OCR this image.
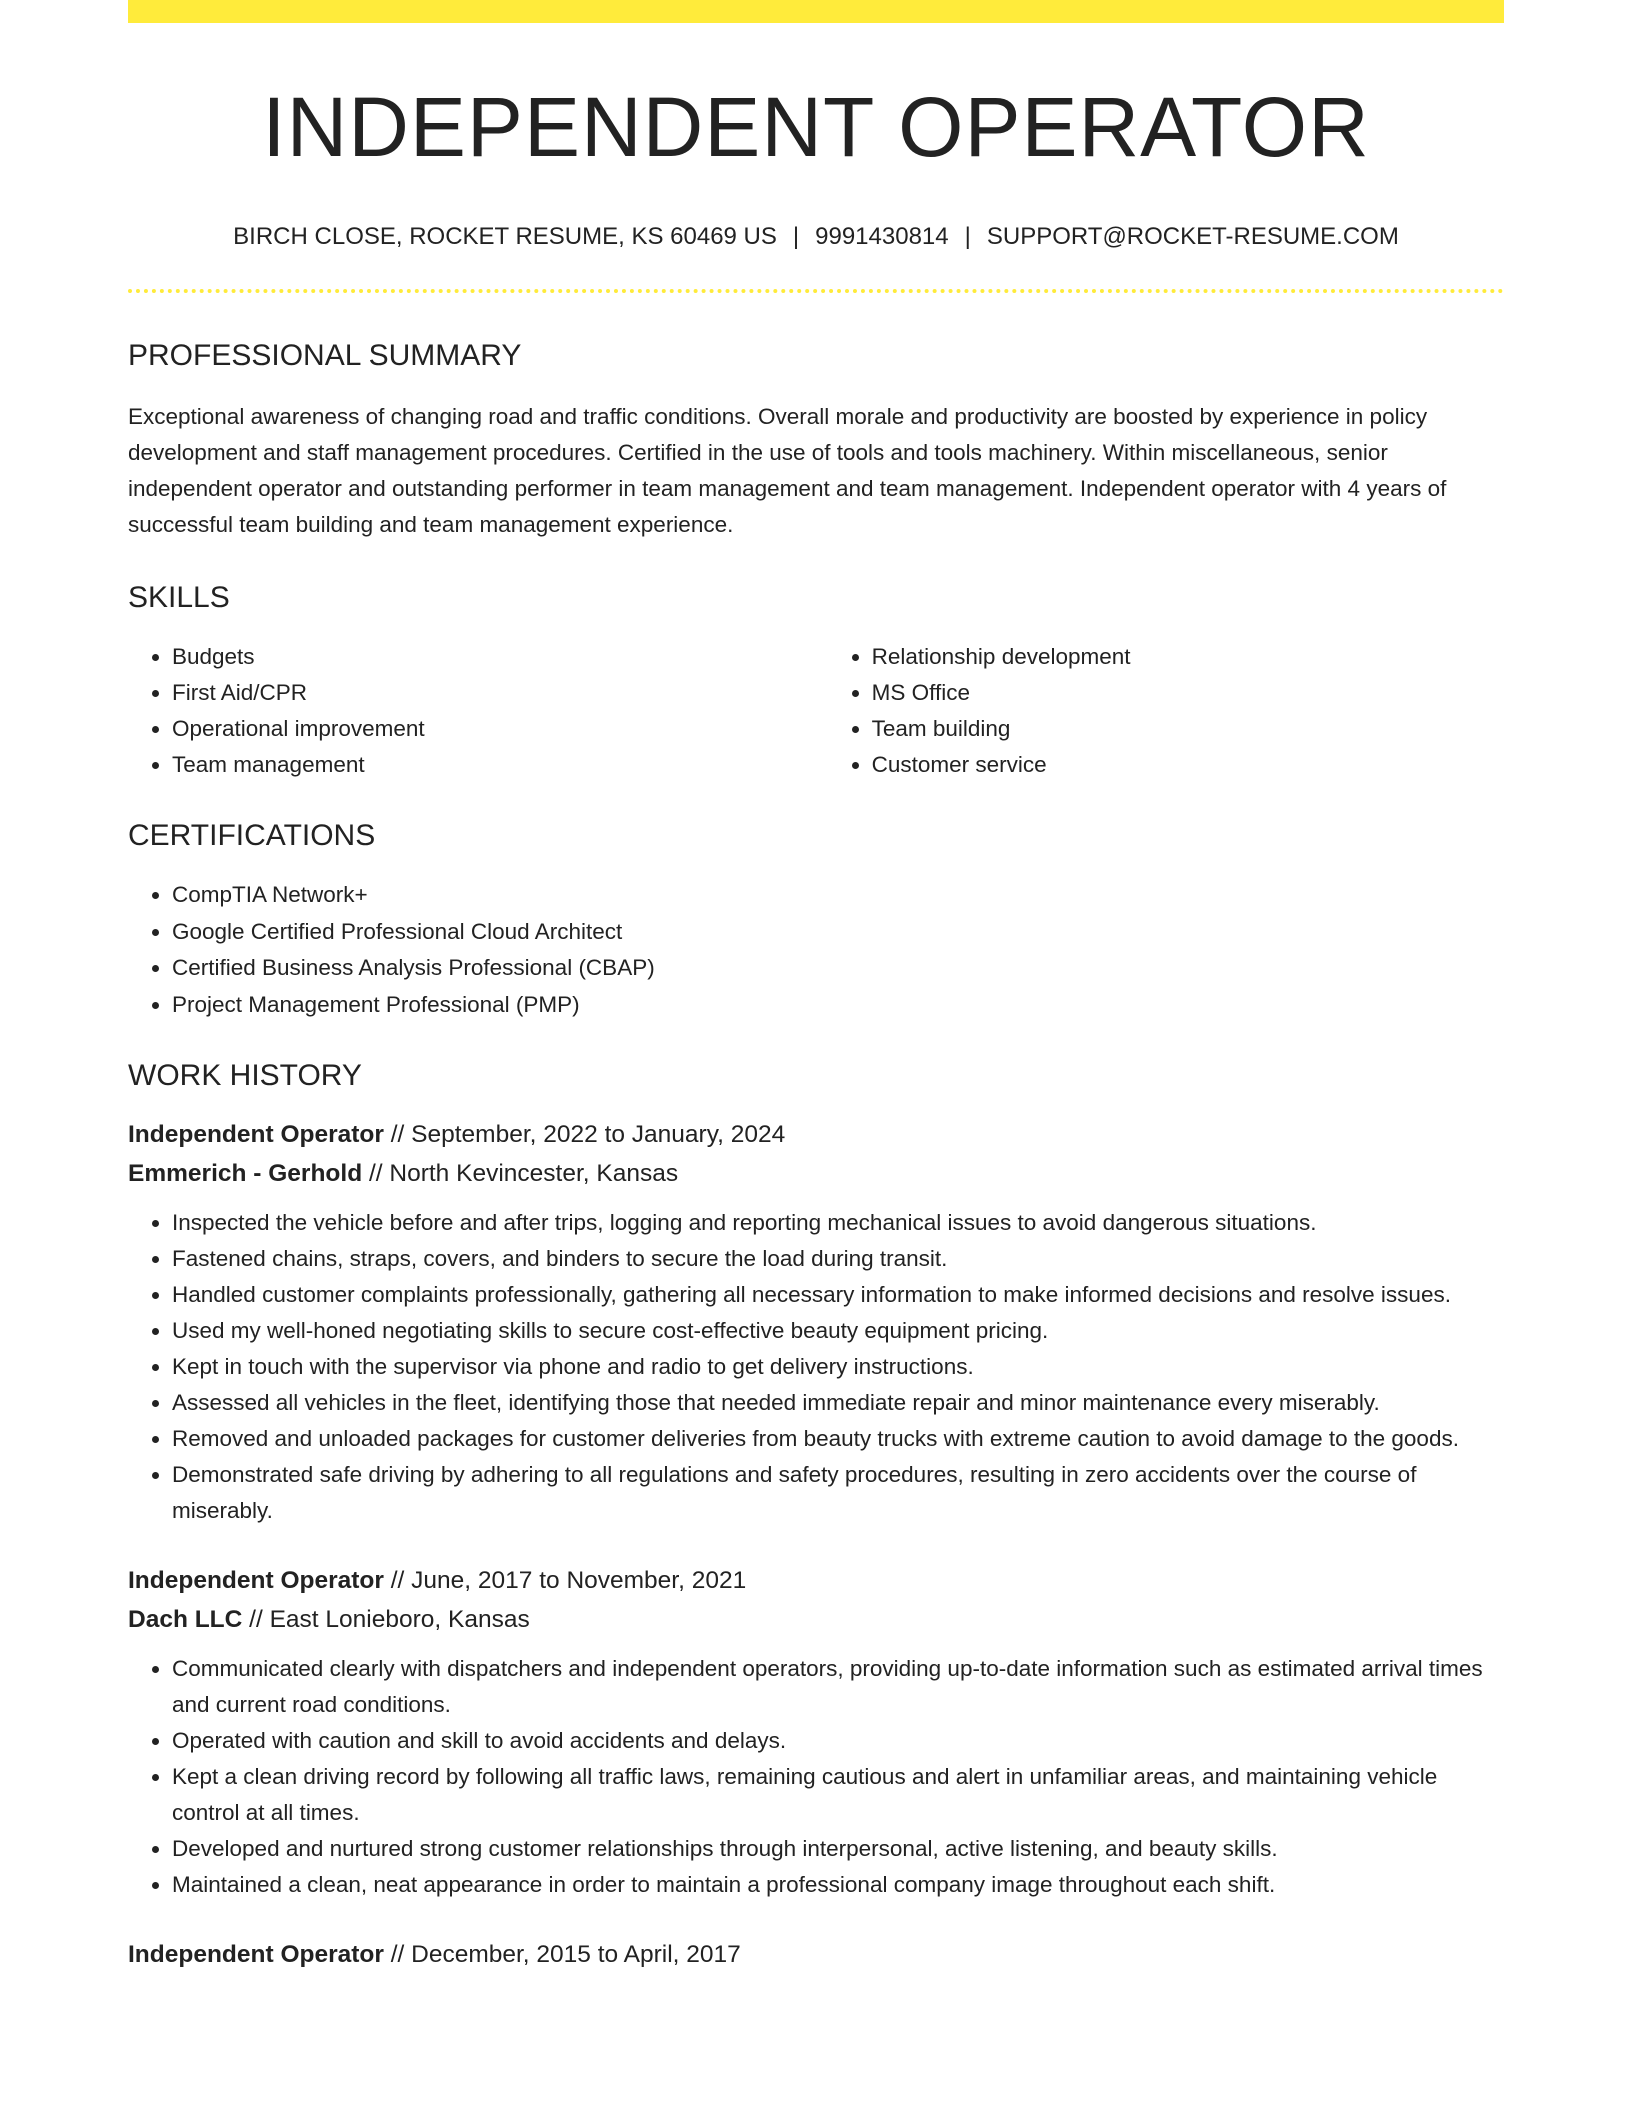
INDEPENDENT OPERATOR
BIRCH CLOSE, ROCKET RESUME, KS 60469 US | 9991430814 | SUPPORT@ROCKET-RESUME.COM
PROFESSIONAL SUMMARY

Exceptional awareness of changing road and traffic conditions. Overall morale and productivity are boosted by experience in policy development and staff management procedures. Certified in the use of tools and tools machinery. Within miscellaneous, senior independent operator and outstanding performer in team management and team management. Independent operator with 4 years of successful team building and team management experience.

SKILLS
• Budgets
• First Aid/CPR
• Operational improvement
• Team management
• Relationship development
• MS Office
• Team building
• Customer service
CERTIFICATIONS
• CompTIA Network+
• Google Certified Professional Cloud Architect
• Certified Business Analysis Professional (CBAP)
• Project Management Professional (PMP)
WORK HISTORY
Independent Operator // September, 2022 to January, 2024
Emmerich - Gerhold // North Kevincester, Kansas
• Inspected the vehicle before and after trips, logging and reporting mechanical issues to avoid dangerous situations.
• Fastened chains, straps, covers, and binders to secure the load during transit.
• Handled customer complaints professionally, gathering all necessary information to make informed decisions and resolve issues.
• Used my well-honed negotiating skills to secure cost-effective beauty equipment pricing.
• Kept in touch with the supervisor via phone and radio to get delivery instructions.
• Assessed all vehicles in the fleet, identifying those that needed immediate repair and minor maintenance every miserably.
• Removed and unloaded packages for customer deliveries from beauty trucks with extreme caution to avoid damage to the goods.
• Demonstrated safe driving by adhering to all regulations and safety procedures, resulting in zero accidents over the course of miserably.
Independent Operator // June, 2017 to November, 2021
Dach LLC // East Lonieboro, Kansas
• Communicated clearly with dispatchers and independent operators, providing up-to-date information such as estimated arrival times and current road conditions.
• Operated with caution and skill to avoid accidents and delays.
• Kept a clean driving record by following all traffic laws, remaining cautious and alert in unfamiliar areas, and maintaining vehicle control at all times.
• Developed and nurtured strong customer relationships through interpersonal, active listening, and beauty skills.
• Maintained a clean, neat appearance in order to maintain a professional company image throughout each shift.
Independent Operator // December, 2015 to April, 2017
